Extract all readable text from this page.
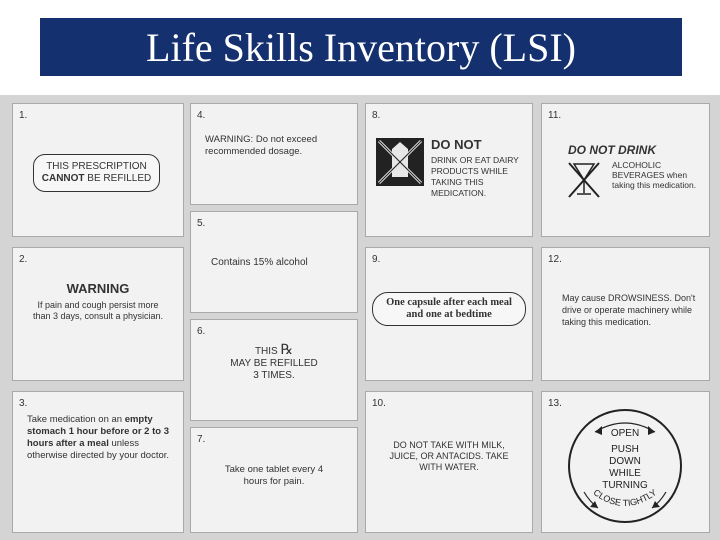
Life Skills Inventory (LSI)
1.
THIS PRESCRIPTION
CANNOT BE REFILLED
2.
WARNING
If pain and cough persist more than 3 days, consult a physician.
3.
Take medication on an empty stomach 1 hour before or 2 to 3 hours after a meal unless otherwise directed by your doctor.
4.
WARNING: Do not exceed recommended dosage.
5.
Contains 15% alcohol
6.
THIS ℞
MAY BE REFILLED
3 TIMES.
7.
Take one tablet every 4 hours for pain.
8.
DO NOT
DRINK OR EAT DAIRY PRODUCTS WHILE TAKING THIS MEDICATION.
9.
One capsule after each meal and one at bedtime
10.
DO NOT TAKE WITH MILK, JUICE, OR ANTACIDS. TAKE WITH WATER.
11.
DO NOT DRINK
ALCOHOLIC BEVERAGES when taking this medication.
12.
May cause DROWSINESS. Don't drive or operate machinery while taking this medication.
13.
OPEN
PUSH
DOWN
WHILE
TURNING
CLOSE TIGHTLY
